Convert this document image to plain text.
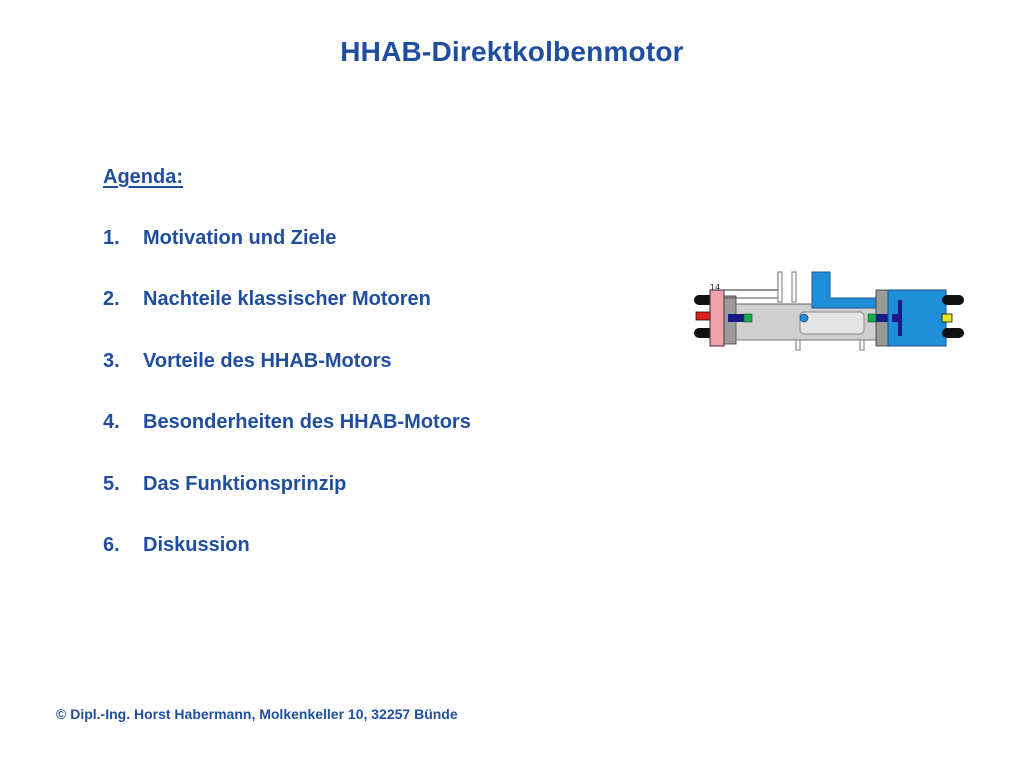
HHAB-Direktkolbenmotor
Agenda:
1.	Motivation und Ziele
2.	Nachteile klassischer Motoren
3.	Vorteile des HHAB-Motors
4.	Besonderheiten des HHAB-Motors
5.	Das Funktionsprinzip
6.	Diskussion
14
© Dipl.-Ing. Horst Habermann, Molkenkeller 10, 32257 Bünde
